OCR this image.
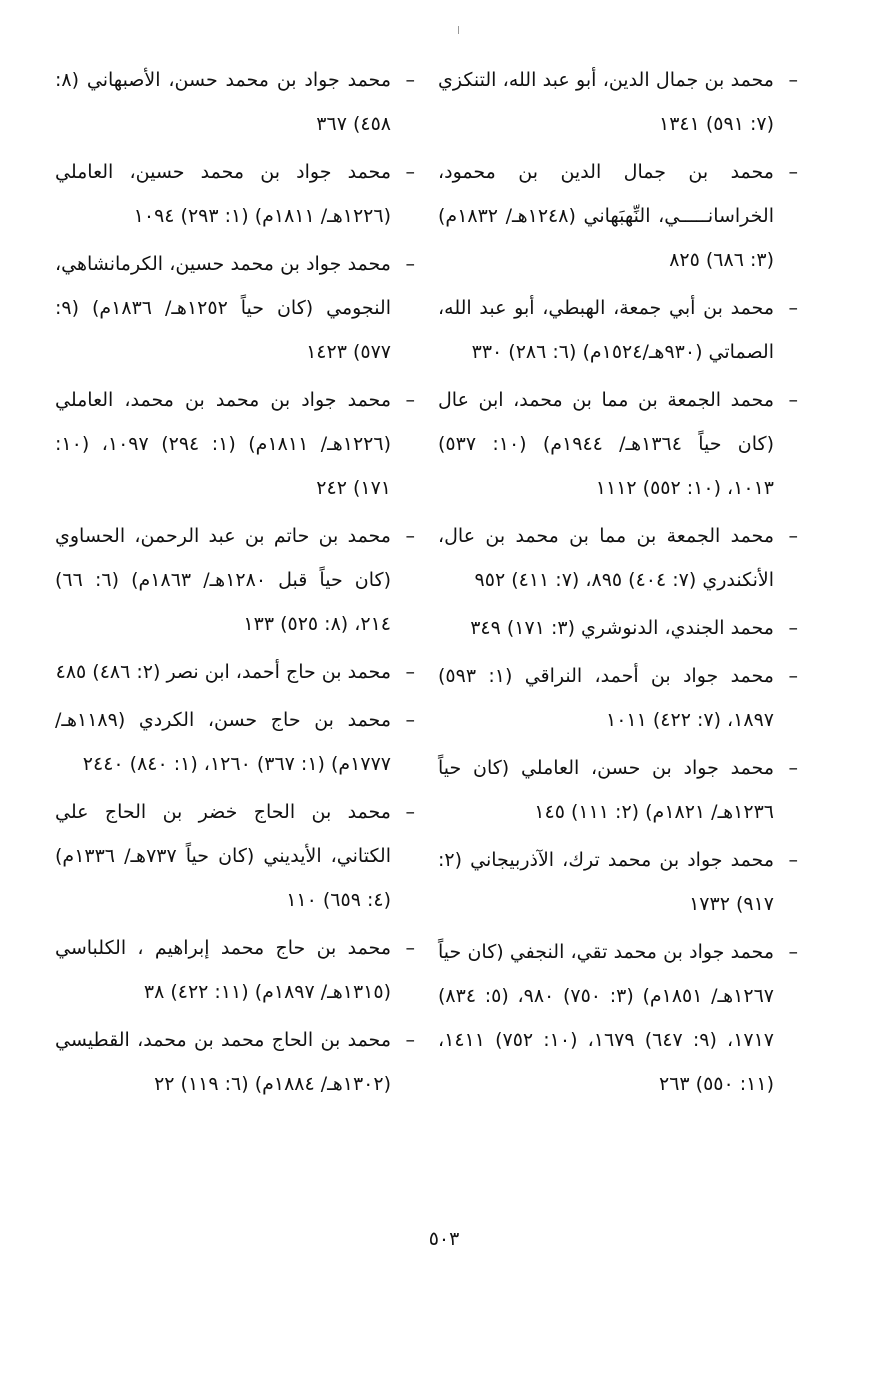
–
محمد بن جمال الدين، أبو عبد الله، التنكزي (٧: ٥٩١) ١٣٤١
–
محمد بن جمال الدين بن محمود، الخراسانـــــي، النِّهبَهاني (١٢٤٨هـ/ ١٨٣٢م) (٣: ٦٨٦) ٨٢٥
–
محمد بن أبي جمعة، الهبطي، أبو عبد الله، الصماتي (٩٣٠هـ/١٥٢٤م) (٦: ٢٨٦) ٣٣٠
–
محمد الجمعة بن مما بن محمد، ابن عال (كان حياً ١٣٦٤هـ/ ١٩٤٤م) (١٠: ٥٣٧) ١٠١٣، (١٠: ٥٥٢) ١١١٢
–
محمد الجمعة بن مما بن محمد بن عال، الأنكندري (٧: ٤٠٤) ٨٩٥، (٧: ٤١١) ٩٥٢
–
محمد الجندي، الدنوشري (٣: ١٧١) ٣٤٩
–
محمد جواد بن أحمد، النراقي (١: ٥٩٣) ١٨٩٧، (٧: ٤٢٢) ١٠١١
–
محمد جواد بن حسن، العاملي (كان حياً ١٢٣٦هـ/ ١٨٢١م) (٢: ١١١) ١٤٥
–
محمد جواد بن محمد ترك، الآذربيجاني (٢: ٩١٧) ١٧٣٢
–
محمد جواد بن محمد تقي، النجفي (كان حياً ١٢٦٧هـ/ ١٨٥١م) (٣: ٧٥٠) ٩٨٠، (٥: ٨٣٤) ١٧١٧، (٩: ٦٤٧) ١٦٧٩، (١٠: ٧٥٢) ١٤١١، (١١: ٥٥٠) ٢٦٣
–
محمد جواد بن محمد حسن، الأصبهاني (٨: ٤٥٨) ٣٦٧
–
محمد جواد بن محمد حسين، العاملي (١٢٢٦هـ/ ١٨١١م) (١: ٢٩٣) ١٠٩٤
–
محمد جواد بن محمد حسين، الكرمانشاهي، النجومي (كان حياً ١٢٥٢هـ/ ١٨٣٦م) (٩: ٥٧٧) ١٤٢٣
–
محمد جواد بن محمد بن محمد، العاملي (١٢٢٦هـ/ ١٨١١م) (١: ٢٩٤) ١٠٩٧، (١٠: ١٧١) ٢٤٢
–
محمد بن حاتم بن عبد الرحمن، الحساوي (كان حياً قبل ١٢٨٠هـ/ ١٨٦٣م) (٦: ٦٦) ٢١٤، (٨: ٥٢٥) ١٣٣
–
محمد بن حاج أحمد، ابن نصر (٢: ٤٨٦) ٤٨٥
–
محمد بن حاج حسن، الكردي (١١٨٩هـ/ ١٧٧٧م) (١: ٣٦٧) ١٢٦٠، (١: ٨٤٠) ٢٤٤٠
–
محمد بن الحاج خضر بن الحاج علي الكتاني، الأيديني (كان حياً ٧٣٧هـ/ ١٣٣٦م) (٤: ٦٥٩) ١١٠
–
محمد بن حاج محمد إبراهيم ، الكلباسي (١٣١٥هـ/ ١٨٩٧م) (١١: ٤٢٢) ٣٨
–
محمد بن الحاج محمد بن محمد، القطيسي (١٣٠٢هـ/ ١٨٨٤م) (٦: ١١٩) ٢٢
٥٠٣
